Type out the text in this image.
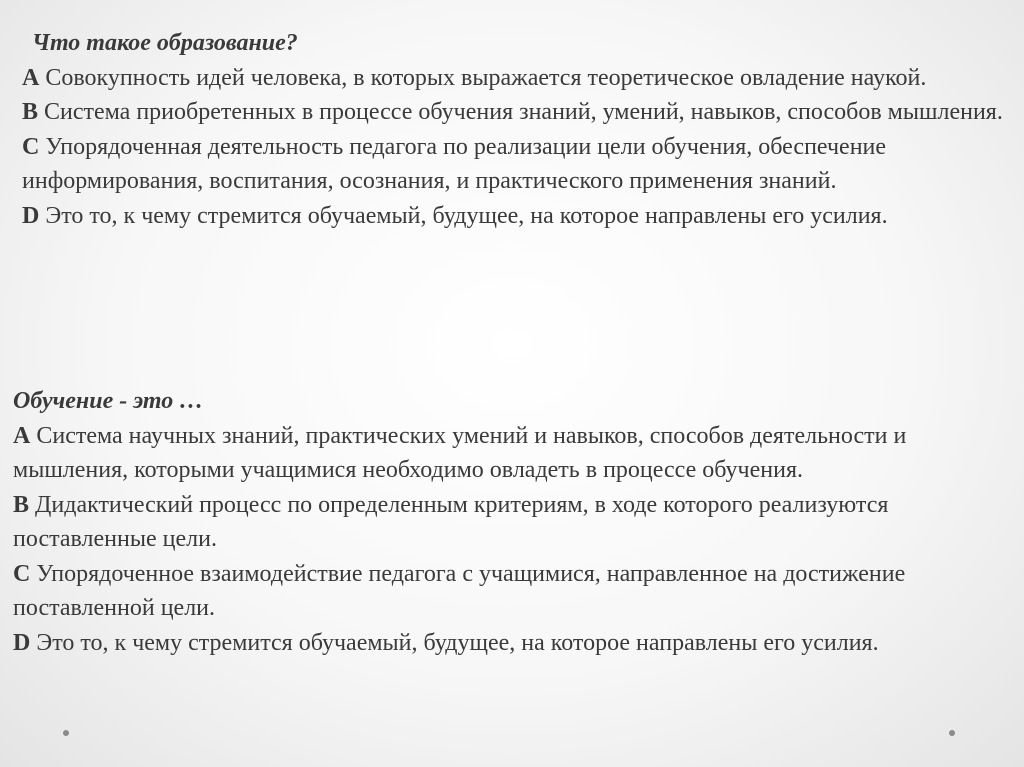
Что такое образование?
A Совокупность идей человека, в которых выражается теоретическое овладение наукой.
B Система приобретенных в процессе обучения знаний, умений, навыков, способов мышления.
C Упорядоченная деятельность педагога по реализации цели обучения, обеспечение информирования, воспитания, осознания, и практического применения знаний.
D Это то, к чему стремится обучаемый, будущее, на которое направлены его усилия.
Обучение - это …
A Система научных знаний, практических умений и навыков, способов деятельности и мышления, которыми учащимися необходимо овладеть в процессе обучения.
B Дидактический процесс по определенным критериям, в ходе которого реализуются поставленные цели.
C Упорядоченное взаимодействие педагога с учащимися, направленное на достижение поставленной цели.
D Это то, к чему стремится обучаемый, будущее, на которое направлены его усилия.
